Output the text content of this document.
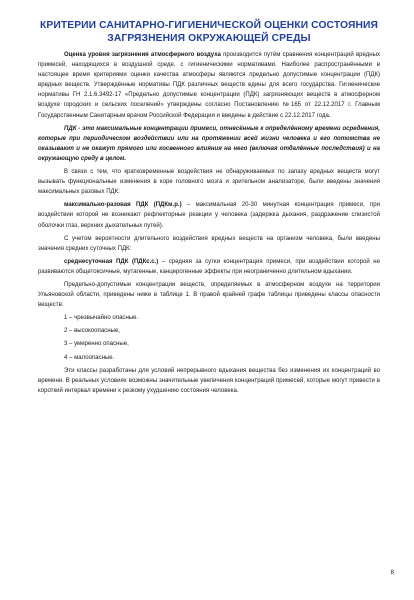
КРИТЕРИИ САНИТАРНО-ГИГИЕНИЧЕСКОЙ ОЦЕНКИ СОСТОЯНИЯ
ЗАГРЯЗНЕНИЯ ОКРУЖАЮЩЕЙ СРЕДЫ

Оценка уровня загрязнения атмосферного воздуха производится путём сравнения концентраций вредных примесей, находящихся в воздушной среде, с гигиеническими нормативами. Наиболее распространёнными в настоящее время критериями оценки качества атмосферы являются предельно допустимые концентрации (ПДК) вредных веществ. Утверждённые нормативы ПДК различных веществ едины для всего государства. Гигиенические нормативы ГН 2.1.6.3492-17 «Предельно допустимые концентрации (ПДК) загрязняющих веществ в атмосферном воздухе городских и сельских поселений» утверждены согласно Постановлению №165 от 22.12.2017 г. Главным Государственным Санитарным врачом Российской Федерации и введены в действие с 22.12.2017 года.

ПДК - это максимальные концентрации примеси, отнесённые к определённому времени осреднения, которые при периодическом воздействии или на протяжении всей жизни человека и его потомства не оказывают и не окажут прямого или косвенного влияния на него (включая отдалённые последствия) и на окружающую среду в целом.

В связи с тем, что кратковременные воздействия не обнаруживаемых по запаху вредных веществ могут вызывать функциональные изменения в коре головного мозга и зрительном анализаторе, были введены значения максимальных разовых ПДК:

максимально-разовая ПДК (ПДКм.р.) – максимальная 20-30 минутная концентрация примеси, при воздействии которой не возникают рефлекторные реакции у человека (задержка дыхания, раздражение слизистой оболочки глаз, верхних дыхательных путей).

С учетом вероятности длительного воздействия вредных веществ на организм человека, были введены значения средних суточных ПДК:

среднесуточная ПДК (ПДКс.с.) – средняя за сутки концентрация примеси, при воздействии которой не развиваются общетоксичные, мутагенные, канцерогенные эффекты при неограниченно длительном вдыхании.

Предельно-допустимые концентрации веществ, определяемых в атмосферном воздухе на территории Ульяновской области, приведены ниже в таблице 1. В правой крайней графе таблицы приведены классы опасности веществ:

1 – чрезвычайно опасные.

2 – высокоопасные,

3 – умеренно опасные,

4 – малоопасные.

Эти классы разработаны для условий непрерывного вдыхания вещества без изменения их концентраций во времени. В реальных условиях возможны значительные увеличения концентраций примесей, которые могут привести в короткий интервал времени к резкому ухудшению состояния человека.

8
